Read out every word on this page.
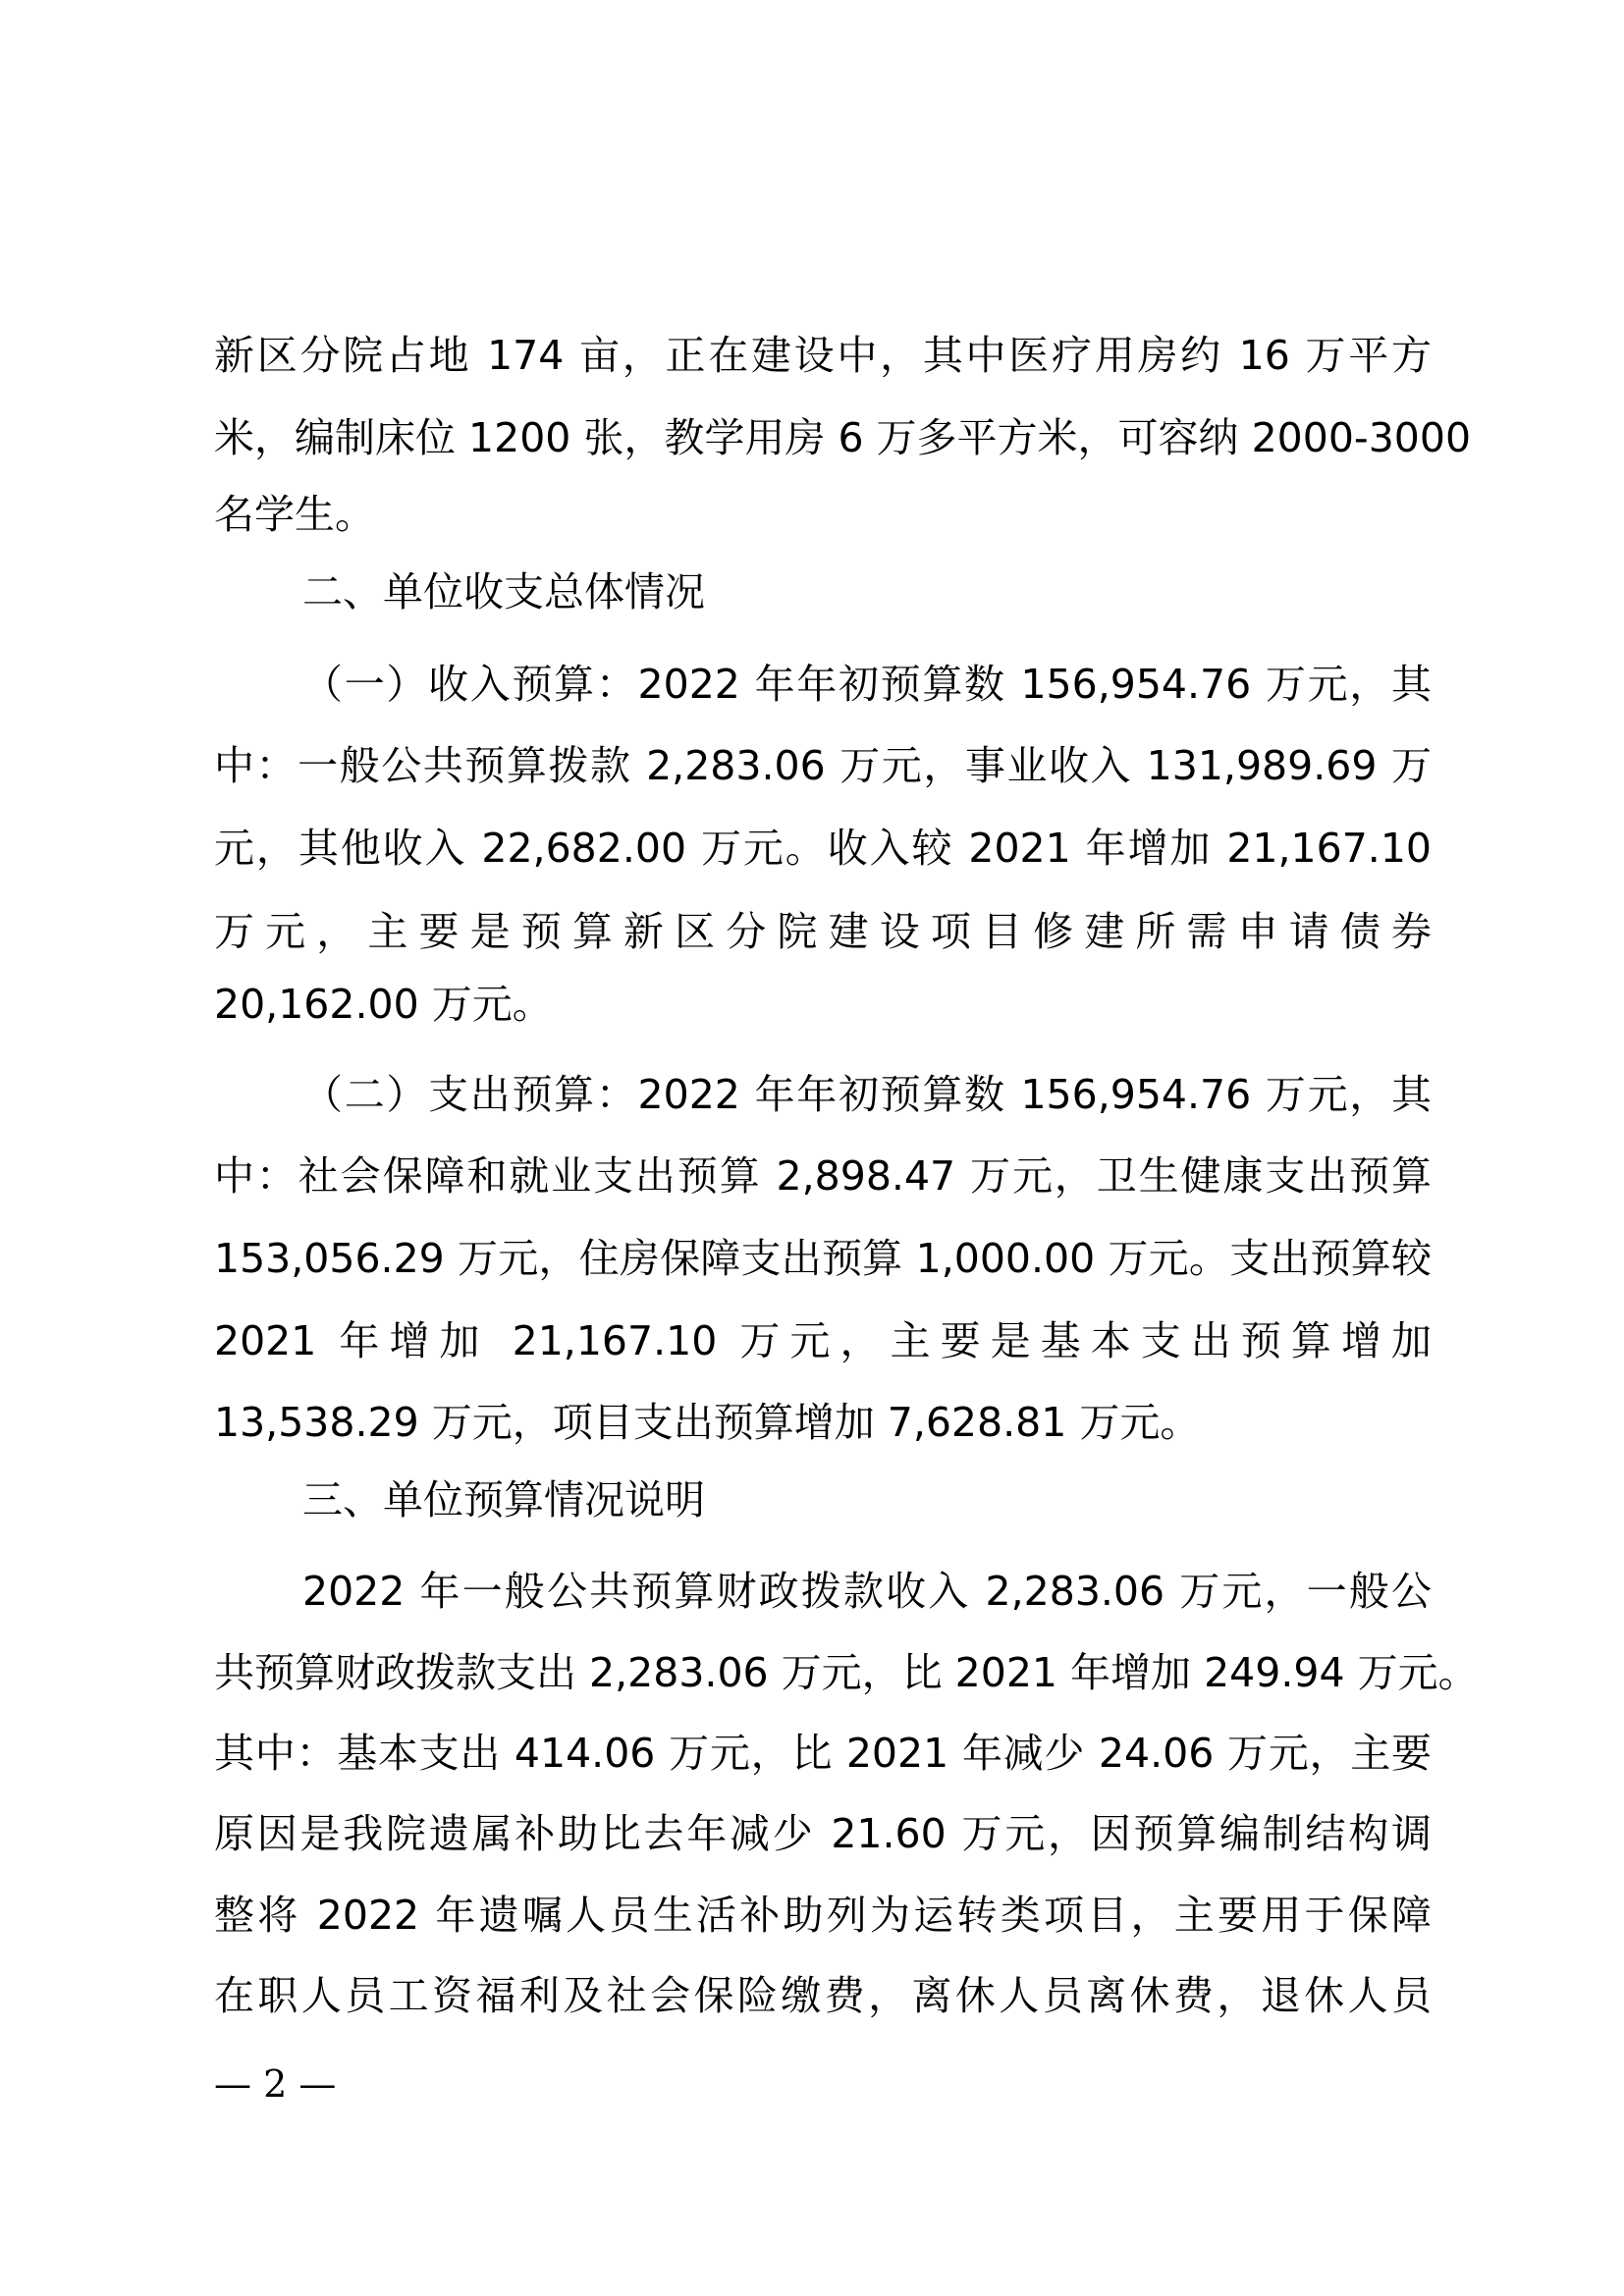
新区分院占地 174 亩，正在建设中，其中医疗用房约 16 万平方
米，编制床位 1200 张，教学用房 6 万多平方米，可容纳 2000-3000
名学生。
二、单位收支总体情况
（一）收入预算：2022 年年初预算数 156,954.76 万元，其
中：一般公共预算拨款 2,283.06 万元，事业收入 131,989.69 万
元，其他收入 22,682.00 万元。收入较 2021 年增加 21,167.10
万元，主要是预算新区分院建设项目修建所需申请债券
20,162.00 万元。
（二）支出预算：2022 年年初预算数 156,954.76 万元，其
中：社会保障和就业支出预算 2,898.47 万元，卫生健康支出预算
153,056.29 万元，住房保障支出预算 1,000.00 万元。支出预算较
2021 年增加 21,167.10 万元，主要是基本支出预算增加
13,538.29 万元，项目支出预算增加 7,628.81 万元。
三、单位预算情况说明
2022 年一般公共预算财政拨款收入 2,283.06 万元，一般公
共预算财政拨款支出 2,283.06 万元，比 2021 年增加 249.94 万元。
其中：基本支出 414.06 万元，比 2021 年减少 24.06 万元，主要
原因是我院遗属补助比去年减少 21.60 万元，因预算编制结构调
整将 2022 年遗嘱人员生活补助列为运转类项目，主要用于保障
在职人员工资福利及社会保险缴费，离休人员离休费，退休人员
— 2 —
